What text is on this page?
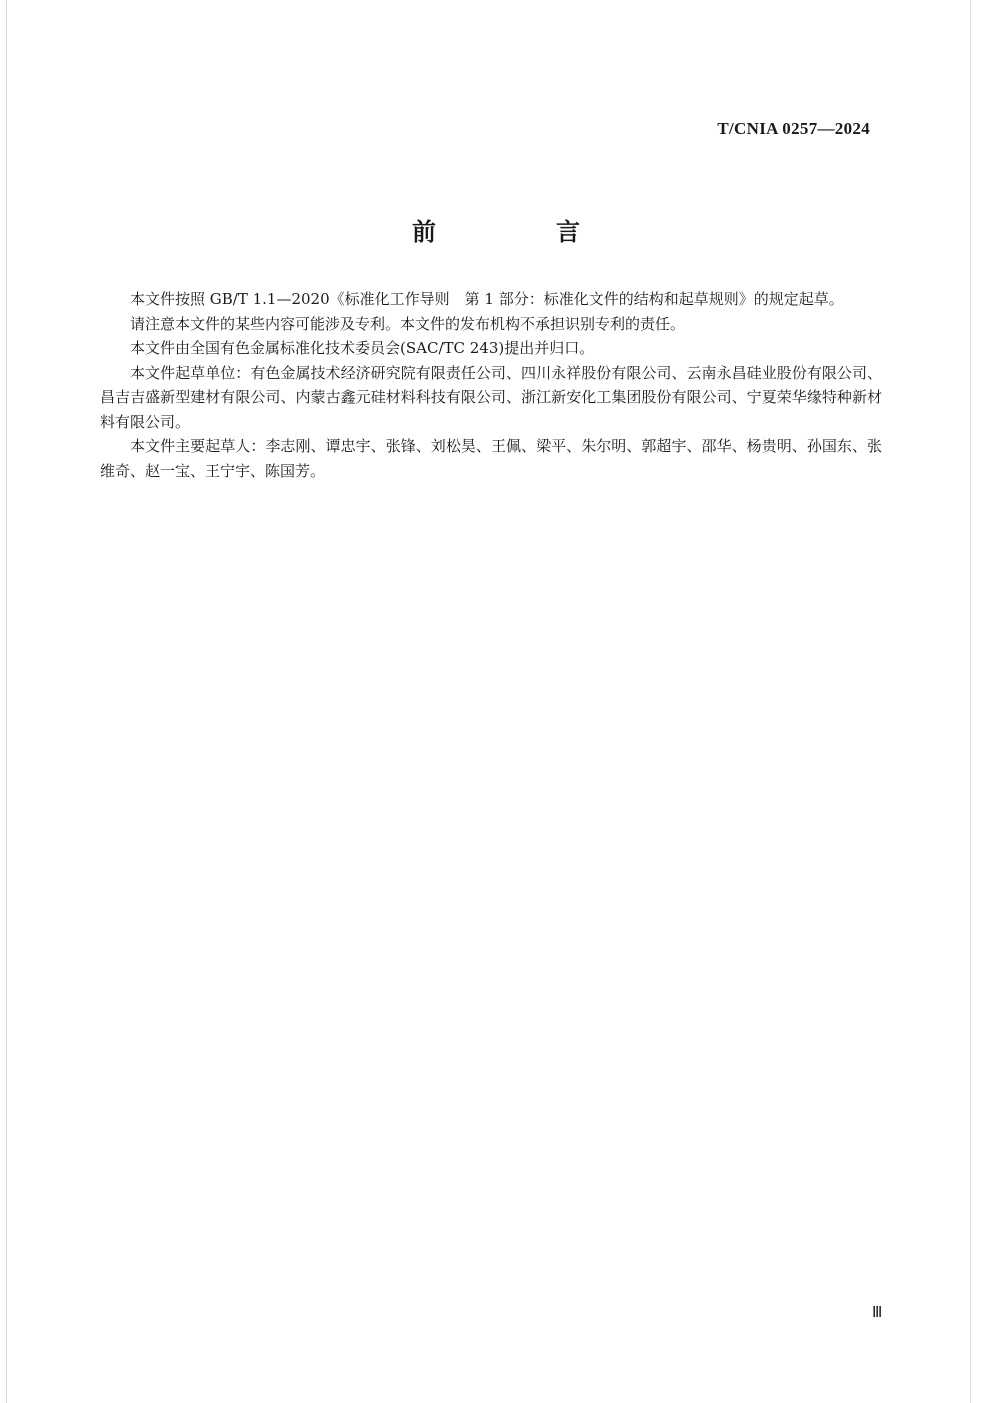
T/CNIA 0257—2024
前　言

本文件按照 GB/T 1.1—2020《标准化工作导则　第 1 部分：标准化文件的结构和起草规则》的规定起草。

请注意本文件的某些内容可能涉及专利。本文件的发布机构不承担识别专利的责任。

本文件由全国有色金属标准化技术委员会(SAC/TC 243)提出并归口。

本文件起草单位：有色金属技术经济研究院有限责任公司、四川永祥股份有限公司、云南永昌硅业股份有限公司、昌吉吉盛新型建材有限公司、内蒙古鑫元硅材料科技有限公司、浙江新安化工集团股份有限公司、宁夏荣华缘特种新材料有限公司。

本文件主要起草人：李志刚、谭忠宇、张锋、刘松昊、王佩、梁平、朱尔明、郭超宇、邵华、杨贵明、孙国东、张维奇、赵一宝、王宁宇、陈国芳。

Ⅲ
